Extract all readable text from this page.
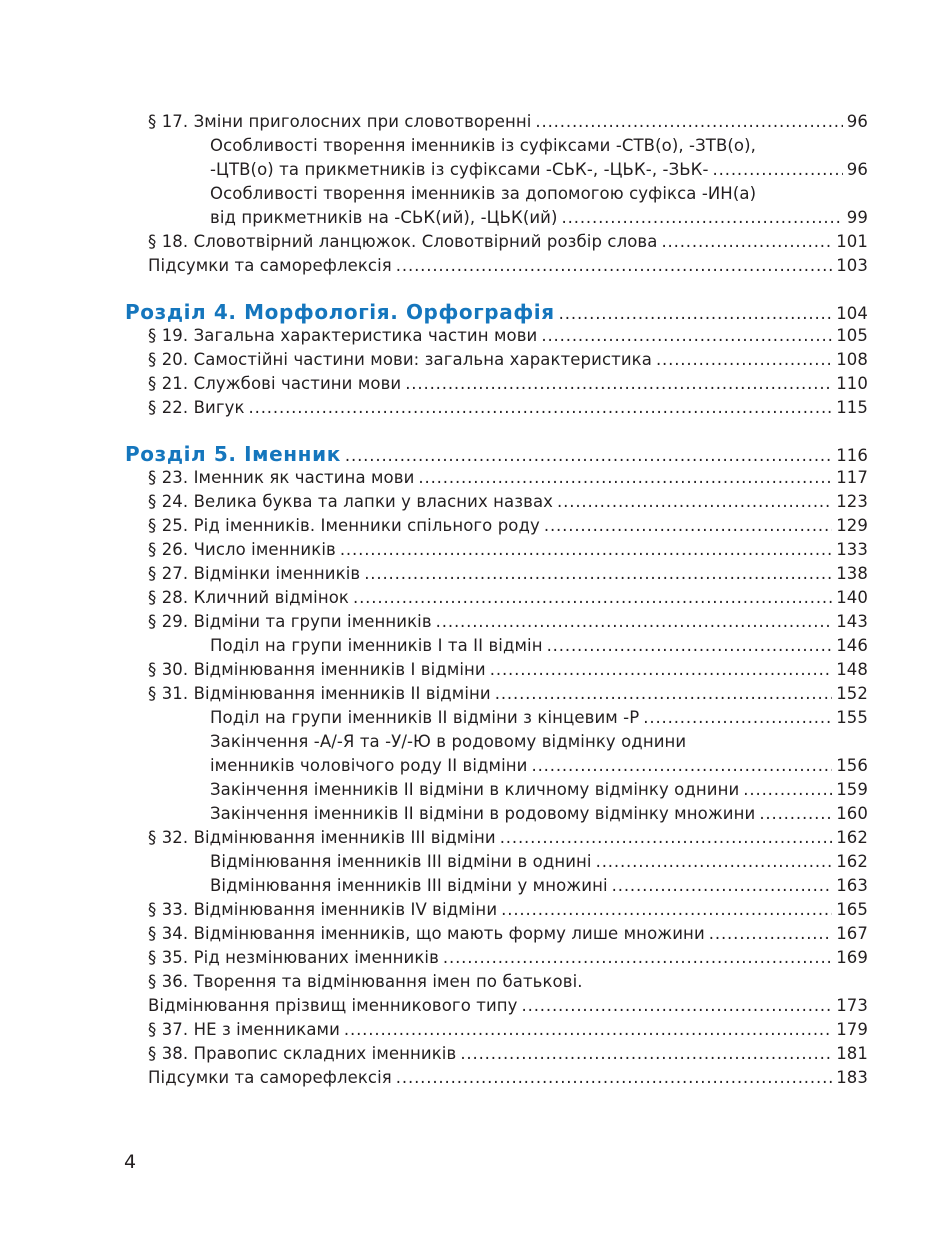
§ 17. Зміни приголосних при словотворенні . . .	96
Особливості творення іменників із суфіксами -СТВ(о), -ЗТВ(о),
-ЦТВ(о) та прикметників із суфіксами -СЬК-, -ЦЬК-, -ЗЬК- . . .	96
Особливості творення іменників за допомогою суфікса -ИН(а)
від прикметників на -СЬК(ий), -ЦЬК(ий) . . .	99
§ 18. Словотвірний ланцюжок. Словотвірний розбір слова . . .	101
Підсумки та саморефлексія . . .	103
Розділ 4. Морфологія. Орфографія . . .	104
§ 19. Загальна характеристика частин мови . . .	105
§ 20. Самостійні частини мови: загальна характеристика . . .	108
§ 21. Службові частини мови . . .	110
§ 22. Вигук . . .	115
Розділ 5. Іменник . . .	116
§ 23. Іменник як частина мови . . .	117
§ 24. Велика буква та лапки у власних назвах . . .	123
§ 25. Рід іменників. Іменники спільного роду . . .	129
§ 26. Число іменників . . .	133
§ 27. Відмінки іменників . . .	138
§ 28. Кличний відмінок . . .	140
§ 29. Відміни та групи іменників . . .	143
Поділ на групи іменників І та ІІ відмін . . .	146
§ 30. Відмінювання іменників І відміни . . .	148
§ 31. Відмінювання іменників ІІ відміни . . .	152
Поділ на групи іменників ІІ відміни з кінцевим -Р . . .	155
Закінчення -А/-Я та -У/-Ю в родовому відмінку однини
іменників чоловічого роду ІІ відміни . . .	156
Закінчення іменників ІІ відміни в кличному відмінку однини . . .	159
Закінчення іменників ІІ відміни в родовому відмінку множини . . .	160
§ 32. Відмінювання іменників ІІІ відміни . . .	162
Відмінювання іменників ІІІ відміни в однині . . .	162
Відмінювання іменників ІІІ відміни у множині . . .	163
§ 33. Відмінювання іменників ІV відміни . . .	165
§ 34. Відмінювання іменників, що мають форму лише множини . . .	167
§ 35. Рід незмінюваних іменників . . .	169
§ 36. Творення та відмінювання імен по батькові.
Відмінювання прізвищ іменникового типу . . .	173
§ 37. НЕ з іменниками . . .	179
§ 38. Правопис складних іменників . . .	181
Підсумки та саморефлексія . . .	183
4
